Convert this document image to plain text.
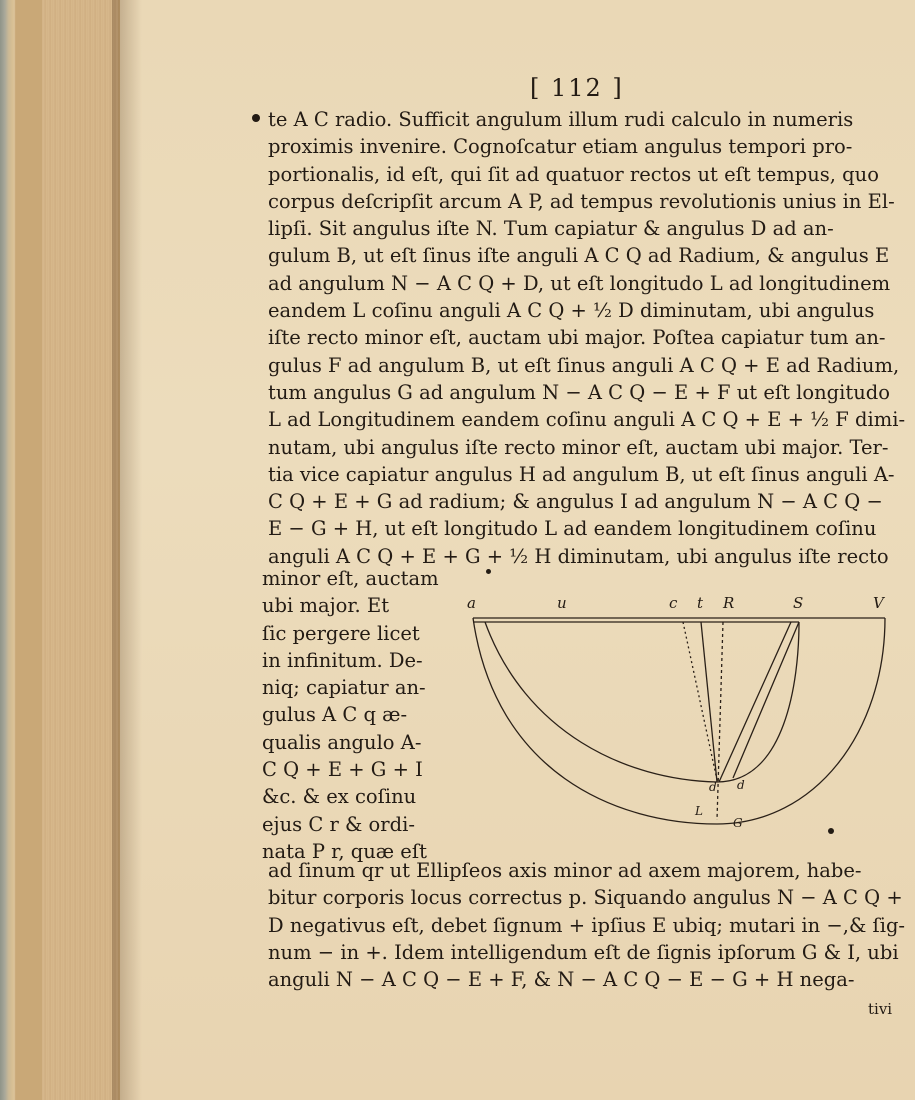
[ 112 ]
te A C radio. Sufficit angulum illum rudi calculo in numeris
proximis invenire. Cognoſcatur etiam angulus tempori pro-
portionalis, id eſt, qui ſit ad quatuor rectos ut eſt tempus, quo
corpus deſcripſit arcum A P, ad tempus revolutionis unius in El-
lipſi. Sit angulus iſte N. Tum capiatur & angulus D ad an-
gulum B, ut eſt ſinus iſte anguli A C Q ad Radium, & angulus E
ad angulum N − A C Q + D, ut eſt longitudo L ad longitudinem
eandem L coſinu anguli A C Q + ½ D diminutam, ubi angulus
iſte recto minor eſt, auctam ubi major. Poſtea capiatur tum an-
gulus F ad angulum B, ut eſt ſinus anguli A C Q + E ad Radium,
tum angulus G ad angulum N − A C Q − E + F ut eſt longitudo
L ad Longitudinem eandem coſinu anguli A C Q + E + ½ F dimi-
nutam, ubi angulus iſte recto minor eſt, auctam ubi major. Ter-
tia vice capiatur angulus H ad angulum B, ut eſt ſinus anguli A-
C Q + E + G ad radium; & angulus I ad angulum N − A C Q −
E − G + H, ut eſt longitudo L ad eandem longitudinem coſinu
anguli A C Q + E + G + ½ H diminutam, ubi angulus iſte recto
minor eſt, auctam
ubi major. Et
ſic pergere licet
in infinitum. De-
niq; capiatur an-
gulus A C q æ-
qualis angulo A-
C Q + E + G + I
&c. & ex coſinu
ejus C r & ordi-
nata P r, quæ eſt
a	u	c t R	S	V
d d
L
G
ad ſinum qr ut Ellipſeos axis minor ad axem majorem, habe-
bitur corporis locus correctus p. Siquando angulus N − A C Q +
D negativus eſt, debet ſignum + ipſius E ubiq; mutari in −,& ſig-
num − in +. Idem intelligendum eſt de ſignis ipſorum G & I, ubi
anguli N − A C Q − E + F, & N − A C Q − E − G + H nega-
tivi
